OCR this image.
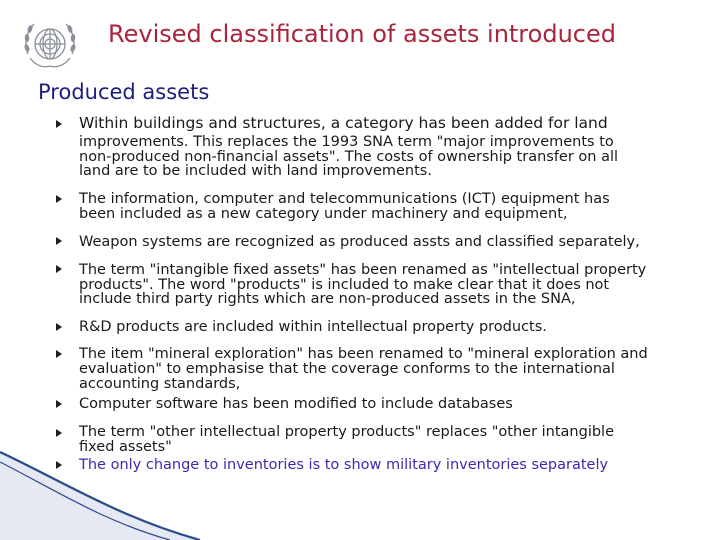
Revised classification of assets introduced
Produced assets
Within buildings and structures, a category has been added for land
improvements. This replaces the 1993 SNA term "major improvements to
non-produced non-financial assets". The costs of ownership transfer on all
land are to be included with land improvements.
The information, computer and telecommunications (ICT) equipment has
been included as a new category under machinery and equipment,
Weapon systems are recognized as produced assts and classified separately,
The term "intangible fixed assets" has been renamed as "intellectual property
products". The word "products" is included to make clear that it does not
include third party rights which are non-produced assets in the SNA,
R&D products are included within intellectual property products.
The item "mineral exploration" has been renamed to "mineral exploration and
evaluation" to emphasise that the coverage conforms to the international
accounting standards,
Computer software has been modified to include databases
The term "other intellectual property products" replaces "other intangible
fixed assets"
The only change to inventories is to show military inventories separately
